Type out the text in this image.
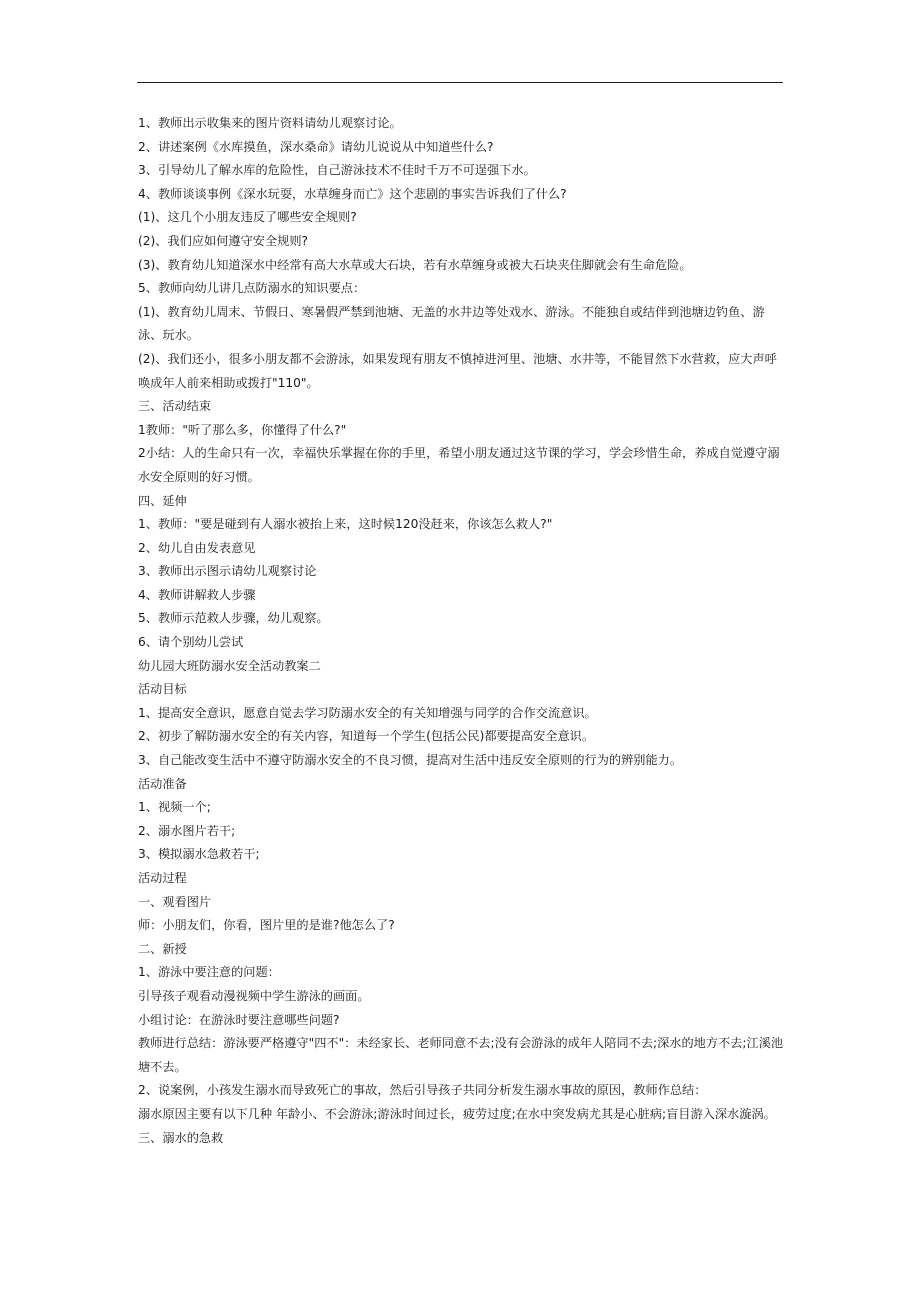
1、教师出示收集来的图片资料请幼儿观察讨论。

2、讲述案例《水库摸鱼，深水桑命》请幼儿说说从中知道些什么?

3、引导幼儿了解水库的危险性，自己游泳技术不佳时千万不可逞强下水。

4、教师谈谈事例《深水玩耍，水草缠身而亡》这个悲剧的事实告诉我们了什么?

(1)、这几个小朋友违反了哪些安全规则?

(2)、我们应如何遵守安全规则?

(3)、教育幼儿知道深水中经常有高大水草或大石块，若有水草缠身或被大石块夹住脚就会有生命危险。

5、教师向幼儿讲几点防溺水的知识要点：

(1)、教育幼儿周末、节假日、寒暑假严禁到池塘、无盖的水井边等处戏水、游泳。不能独自或结伴到池塘边钓鱼、游泳、玩水。

(2)、我们还小，很多小朋友都不会游泳，如果发现有朋友不慎掉进河里、池塘、水井等，不能冒然下水营救，应大声呼唤成年人前来相助或拨打"110"。

三、活动结束

1教师："听了那么多，你懂得了什么?"

2小结：人的生命只有一次，幸福快乐掌握在你的手里，希望小朋友通过这节课的学习，学会珍惜生命，养成自觉遵守溺水安全原则的好习惯。

四、延伸

1、教师："要是碰到有人溺水被抬上来，这时候120没赶来，你该怎么救人?"

2、幼儿自由发表意见

3、教师出示图示请幼儿观察讨论

4、教师讲解救人步骤

5、教师示范救人步骤，幼儿观察。

6、请个别幼儿尝试

幼儿园大班防溺水安全活动教案二

活动目标

1、提高安全意识，愿意自觉去学习防溺水安全的有关知增强与同学的合作交流意识。

2、初步了解防溺水安全的有关内容，知道每一个学生(包括公民)都要提高安全意识。

3、自己能改变生活中不遵守防溺水安全的不良习惯，提高对生活中违反安全原则的行为的辨别能力。

活动准备

1、视频一个;

2、溺水图片若干;

3、模拟溺水急救若干;

活动过程

一、观看图片

师：小朋友们，你看，图片里的是谁?他怎么了?

二、新授

1、游泳中要注意的问题：

引导孩子观看动漫视频中学生游泳的画面。

小组讨论：在游泳时要注意哪些问题?

教师进行总结：游泳要严格遵守"四不"：未经家长、老师同意不去;没有会游泳的成年人陪同不去;深水的地方不去;江溪池塘不去。

2、说案例，小孩发生溺水而导致死亡的事故，然后引导孩子共同分析发生溺水事故的原因，教师作总结：

溺水原因主要有以下几种 年龄小、不会游泳;游泳时间过长，疲劳过度;在水中突发病尤其是心脏病;盲目游入深水漩涡。

三、溺水的急救
